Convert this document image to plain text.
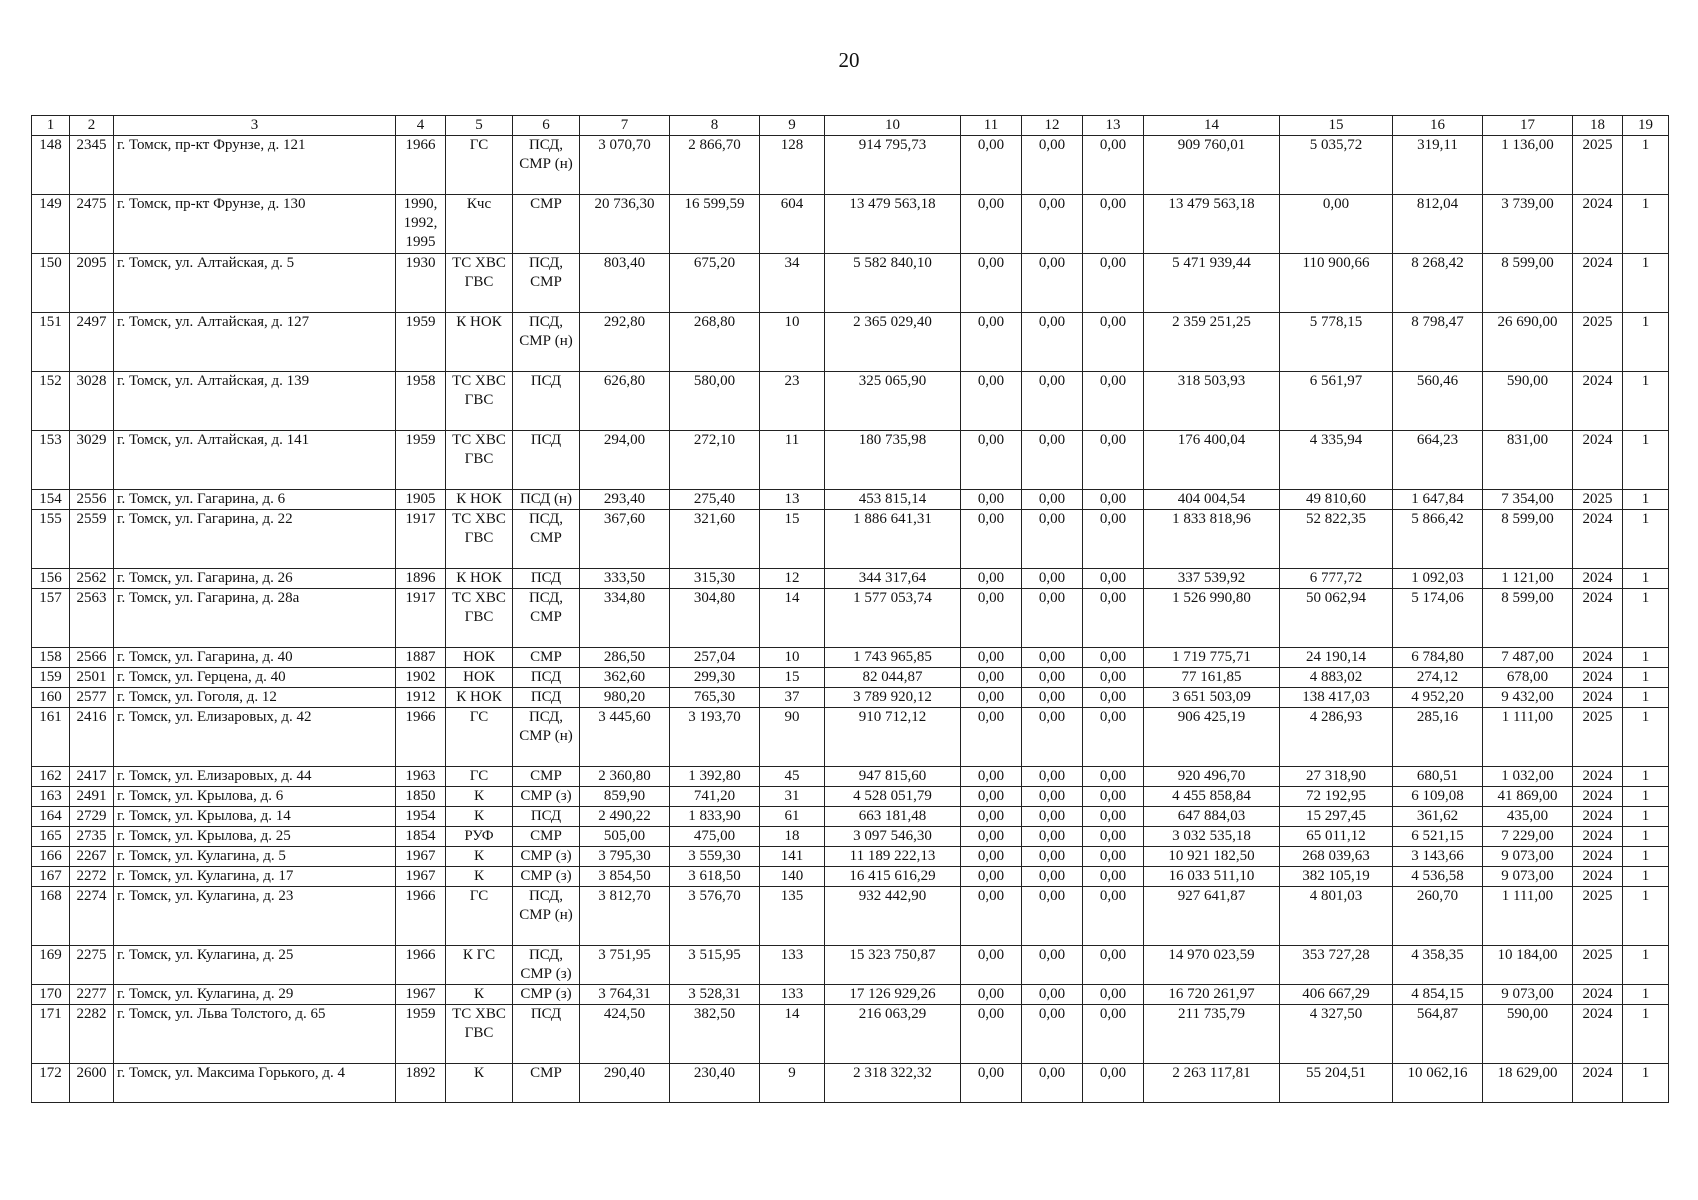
20
1	2	3	4	5	6	7	8	9	10	11	12	13	14	15	16	17	18	19
148	2345	г. Томск, пр-кт Фрунзе, д. 121	1966	ГС	ПСД, СМР (н)	3 070,70	2 866,70	128	914 795,73	0,00	0,00	0,00	909 760,01	5 035,72	319,11	1 136,00	2025	1
149	2475	г. Томск, пр-кт Фрунзе, д. 130	1990, 1992, 1995	Кчс	СМР	20 736,30	16 599,59	604	13 479 563,18	0,00	0,00	0,00	13 479 563,18	0,00	812,04	3 739,00	2024	1
150	2095	г. Томск, ул. Алтайская, д. 5	1930	ТС ХВС ГВС	ПСД, СМР	803,40	675,20	34	5 582 840,10	0,00	0,00	0,00	5 471 939,44	110 900,66	8 268,42	8 599,00	2024	1
151	2497	г. Томск, ул. Алтайская, д. 127	1959	К НОК	ПСД, СМР (н)	292,80	268,80	10	2 365 029,40	0,00	0,00	0,00	2 359 251,25	5 778,15	8 798,47	26 690,00	2025	1
152	3028	г. Томск, ул. Алтайская, д. 139	1958	ТС ХВС ГВС	ПСД	626,80	580,00	23	325 065,90	0,00	0,00	0,00	318 503,93	6 561,97	560,46	590,00	2024	1
153	3029	г. Томск, ул. Алтайская, д. 141	1959	ТС ХВС ГВС	ПСД	294,00	272,10	11	180 735,98	0,00	0,00	0,00	176 400,04	4 335,94	664,23	831,00	2024	1
154	2556	г. Томск, ул. Гагарина, д. 6	1905	К НОК	ПСД (н)	293,40	275,40	13	453 815,14	0,00	0,00	0,00	404 004,54	49 810,60	1 647,84	7 354,00	2025	1
155	2559	г. Томск, ул. Гагарина, д. 22	1917	ТС ХВС ГВС	ПСД, СМР	367,60	321,60	15	1 886 641,31	0,00	0,00	0,00	1 833 818,96	52 822,35	5 866,42	8 599,00	2024	1
156	2562	г. Томск, ул. Гагарина, д. 26	1896	К НОК	ПСД	333,50	315,30	12	344 317,64	0,00	0,00	0,00	337 539,92	6 777,72	1 092,03	1 121,00	2024	1
157	2563	г. Томск, ул. Гагарина, д. 28а	1917	ТС ХВС ГВС	ПСД, СМР	334,80	304,80	14	1 577 053,74	0,00	0,00	0,00	1 526 990,80	50 062,94	5 174,06	8 599,00	2024	1
158	2566	г. Томск, ул. Гагарина, д. 40	1887	НОК	СМР	286,50	257,04	10	1 743 965,85	0,00	0,00	0,00	1 719 775,71	24 190,14	6 784,80	7 487,00	2024	1
159	2501	г. Томск, ул. Герцена, д. 40	1902	НОК	ПСД	362,60	299,30	15	82 044,87	0,00	0,00	0,00	77 161,85	4 883,02	274,12	678,00	2024	1
160	2577	г. Томск, ул. Гоголя, д. 12	1912	К НОК	ПСД	980,20	765,30	37	3 789 920,12	0,00	0,00	0,00	3 651 503,09	138 417,03	4 952,20	9 432,00	2024	1
161	2416	г. Томск, ул. Елизаровых, д. 42	1966	ГС	ПСД, СМР (н)	3 445,60	3 193,70	90	910 712,12	0,00	0,00	0,00	906 425,19	4 286,93	285,16	1 111,00	2025	1
162	2417	г. Томск, ул. Елизаровых, д. 44	1963	ГС	СМР	2 360,80	1 392,80	45	947 815,60	0,00	0,00	0,00	920 496,70	27 318,90	680,51	1 032,00	2024	1
163	2491	г. Томск, ул. Крылова, д. 6	1850	К	СМР (з)	859,90	741,20	31	4 528 051,79	0,00	0,00	0,00	4 455 858,84	72 192,95	6 109,08	41 869,00	2024	1
164	2729	г. Томск, ул. Крылова, д. 14	1954	К	ПСД	2 490,22	1 833,90	61	663 181,48	0,00	0,00	0,00	647 884,03	15 297,45	361,62	435,00	2024	1
165	2735	г. Томск, ул. Крылова, д. 25	1854	РУФ	СМР	505,00	475,00	18	3 097 546,30	0,00	0,00	0,00	3 032 535,18	65 011,12	6 521,15	7 229,00	2024	1
166	2267	г. Томск, ул. Кулагина, д. 5	1967	К	СМР (з)	3 795,30	3 559,30	141	11 189 222,13	0,00	0,00	0,00	10 921 182,50	268 039,63	3 143,66	9 073,00	2024	1
167	2272	г. Томск, ул. Кулагина, д. 17	1967	К	СМР (з)	3 854,50	3 618,50	140	16 415 616,29	0,00	0,00	0,00	16 033 511,10	382 105,19	4 536,58	9 073,00	2024	1
168	2274	г. Томск, ул. Кулагина, д. 23	1966	ГС	ПСД, СМР (н)	3 812,70	3 576,70	135	932 442,90	0,00	0,00	0,00	927 641,87	4 801,03	260,70	1 111,00	2025	1
169	2275	г. Томск, ул. Кулагина, д. 25	1966	К ГС	ПСД, СМР (з)	3 751,95	3 515,95	133	15 323 750,87	0,00	0,00	0,00	14 970 023,59	353 727,28	4 358,35	10 184,00	2025	1
170	2277	г. Томск, ул. Кулагина, д. 29	1967	К	СМР (з)	3 764,31	3 528,31	133	17 126 929,26	0,00	0,00	0,00	16 720 261,97	406 667,29	4 854,15	9 073,00	2024	1
171	2282	г. Томск, ул. Льва Толстого, д. 65	1959	ТС ХВС ГВС	ПСД	424,50	382,50	14	216 063,29	0,00	0,00	0,00	211 735,79	4 327,50	564,87	590,00	2024	1
172	2600	г. Томск, ул. Максима Горького, д. 4	1892	К	СМР	290,40	230,40	9	2 318 322,32	0,00	0,00	0,00	2 263 117,81	55 204,51	10 062,16	18 629,00	2024	1
